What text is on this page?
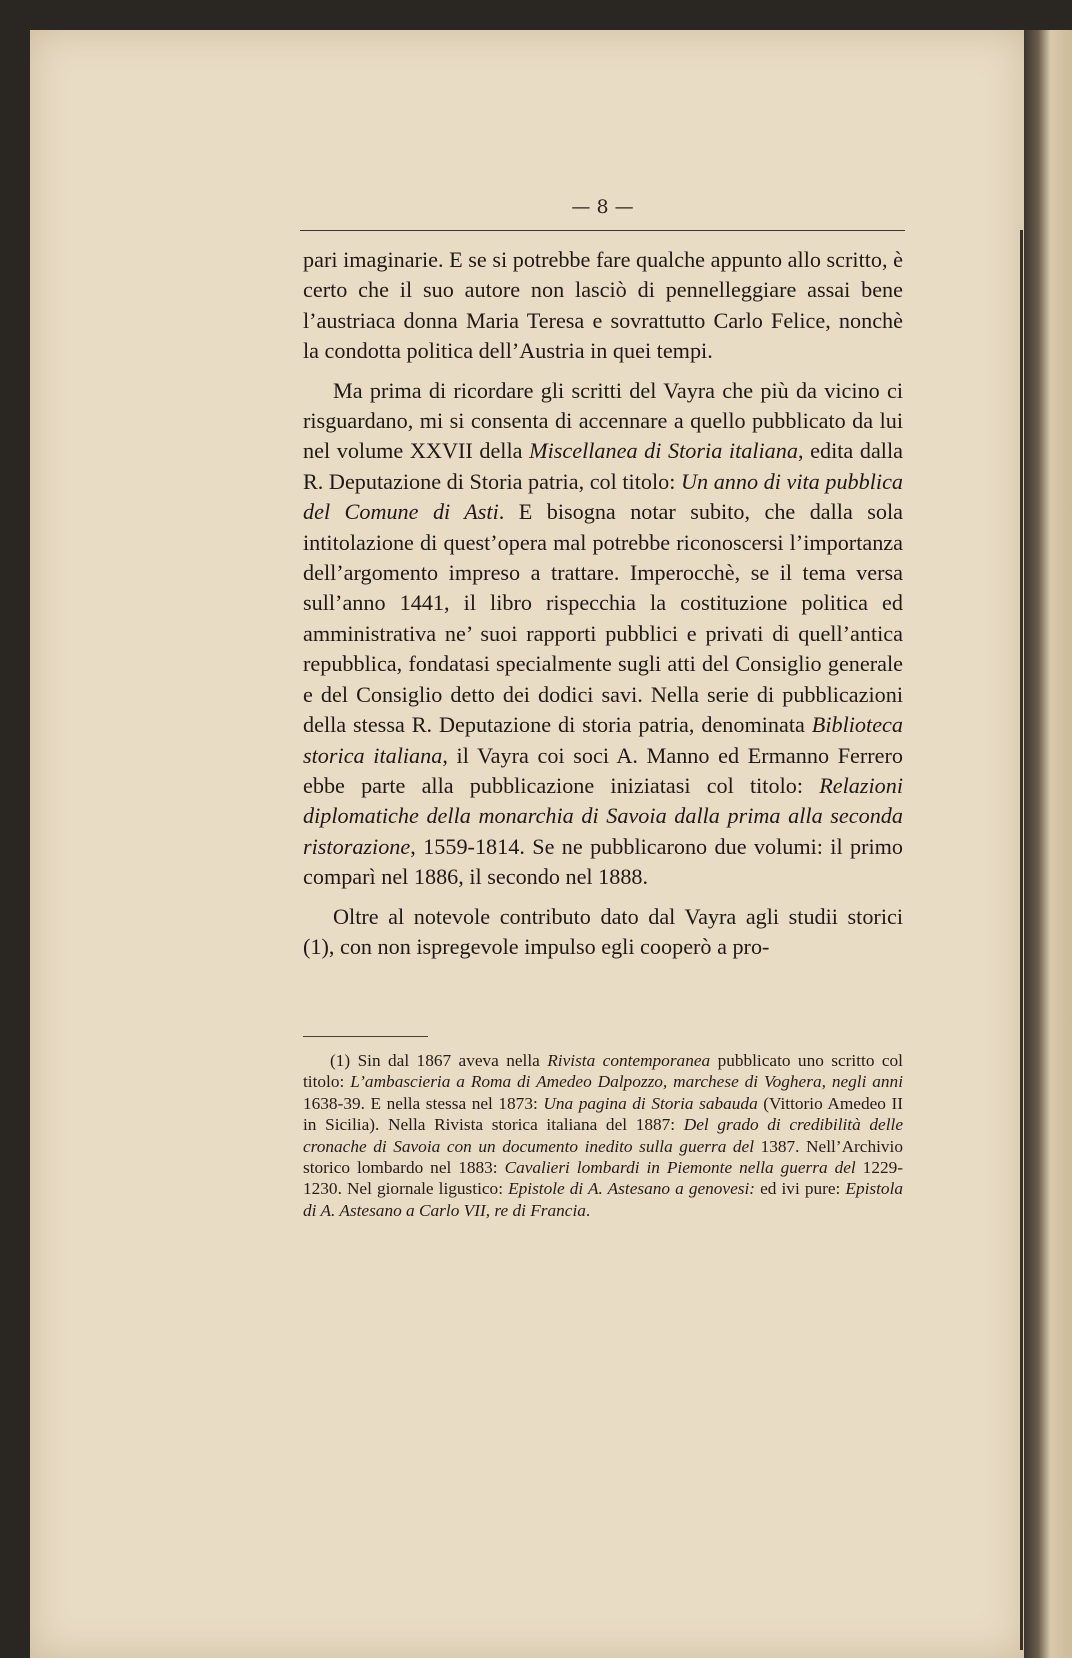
— 8 —

pari imaginarie. E se si potrebbe fare qualche appunto allo scritto, è certo che il suo autore non lasciò di pennelleggiare assai bene l’austriaca donna Maria Teresa e sovrattutto Carlo Felice, nonchè la condotta politica dell’Austria in quei tempi.

Ma prima di ricordare gli scritti del Vayra che più da vicino ci risguardano, mi si consenta di accennare a quello pubblicato da lui nel volume XXVII della Miscellanea di Storia italiana, edita dalla R. Deputazione di Storia patria, col titolo: Un anno di vita pubblica del Comune di Asti. E bisogna notar subito, che dalla sola intitolazione di quest’opera mal potrebbe riconoscersi l’importanza dell’argomento impreso a trattare. Imperocchè, se il tema versa sull’anno 1441, il libro rispecchia la costituzione politica ed amministrativa ne’ suoi rapporti pubblici e privati di quell’antica repubblica, fondatasi specialmente sugli atti del Consiglio generale e del Consiglio detto dei dodici savi. Nella serie di pubblicazioni della stessa R. Deputazione di storia patria, denominata Biblioteca storica italiana, il Vayra coi soci A. Manno ed Ermanno Ferrero ebbe parte alla pubblicazione iniziatasi col titolo: Relazioni diplomatiche della monarchia di Savoia dalla prima alla seconda ristorazione, 1559-1814. Se ne pubblicarono due volumi: il primo comparì nel 1886, il secondo nel 1888.

Oltre al notevole contributo dato dal Vayra agli studii storici (1), con non ispregevole impulso egli cooperò a pro-

(1) Sin dal 1867 aveva nella Rivista contemporanea pubblicato uno scritto col titolo: L’ambascieria a Roma di Amedeo Dalpozzo, marchese di Voghera, negli anni 1638-39. E nella stessa nel 1873: Una pagina di Storia sabauda (Vittorio Amedeo II in Sicilia). Nella Rivista storica italiana del 1887: Del grado di credibilità delle cronache di Savoia con un documento inedito sulla guerra del 1387. Nell’Archivio storico lombardo nel 1883: Cavalieri lombardi in Piemonte nella guerra del 1229-1230. Nel giornale ligustico: Epistole di A. Astesano a genovesi: ed ivi pure: Epistola di A. Astesano a Carlo VII, re di Francia.
